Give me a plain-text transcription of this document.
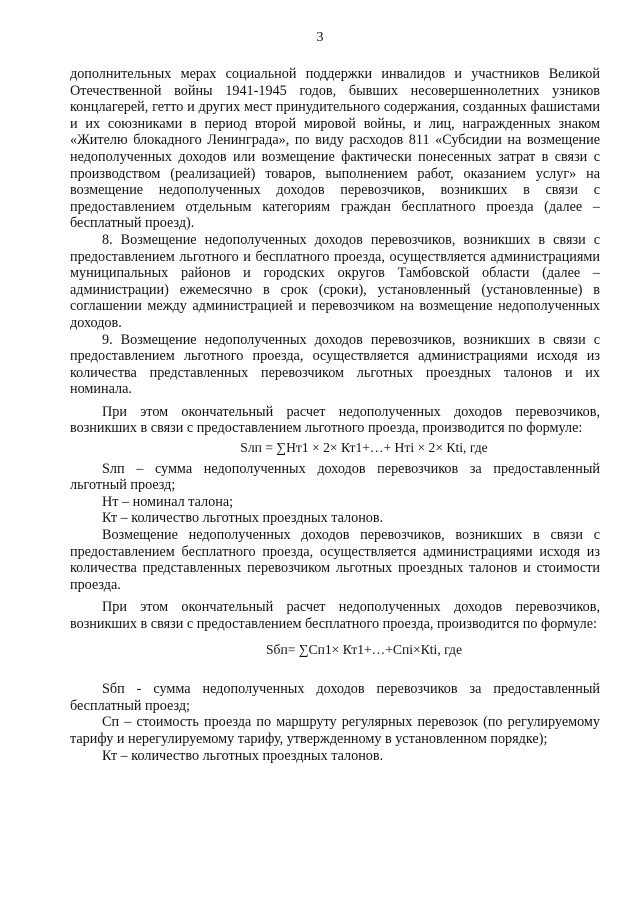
3

дополнительных мерах социальной поддержки инвалидов и участников Великой Отечественной войны 1941-1945 годов, бывших несовершеннолетних узников концлагерей, гетто и других мест принудительного содержания, созданных фашистами и их союзниками в период второй мировой войны, и лиц, награжденных знаком «Жителю блокадного Ленинграда», по виду расходов 811 «Субсидии на возмещение недополученных доходов или возмещение фактически понесенных затрат в связи с производством (реализацией) товаров, выполнением работ, оказанием услуг» на возмещение недополученных доходов перевозчиков, возникших в связи с предоставлением отдельным категориям граждан бесплатного проезда (далее – бесплатный проезд).

8. Возмещение недополученных доходов перевозчиков, возникших в связи с предоставлением льготного и бесплатного проезда, осуществляется администрациями муниципальных районов и городских округов Тамбовской области (далее – администрации) ежемесячно в срок (сроки), установленный (установленные) в соглашении между администрацией и перевозчиком на возмещение недополученных доходов.

9. Возмещение недополученных доходов перевозчиков, возникших в связи с предоставлением льготного проезда, осуществляется администрациями исходя из количества представленных перевозчиком льготных проездных талонов и их номинала.

При этом окончательный расчет недополученных доходов перевозчиков, возникших в связи с предоставлением льготного проезда, производится по формуле:

Sлп = ∑Нт1 × 2× Кт1+…+ Нтi × 2× Кti, где

Sлп – сумма недополученных доходов перевозчиков за предоставленный льготный проезд;

Нт – номинал талона;

Кт – количество льготных проездных талонов.

Возмещение недополученных доходов перевозчиков, возникших в связи с предоставлением бесплатного проезда, осуществляется администрациями исходя из количества представленных перевозчиком льготных проездных талонов и стоимости проезда.

При этом окончательный расчет недополученных доходов перевозчиков, возникших в связи с предоставлением бесплатного проезда, производится по формуле:

Sбп= ∑Сп1× Кт1+…+Спi×Кti, где

Sбп - сумма недополученных доходов перевозчиков за предоставленный бесплатный проезд;

Сп – стоимость проезда по маршруту регулярных перевозок (по регулируемому тарифу и нерегулируемому тарифу, утвержденному в установленном порядке);

Кт – количество льготных проездных талонов.
